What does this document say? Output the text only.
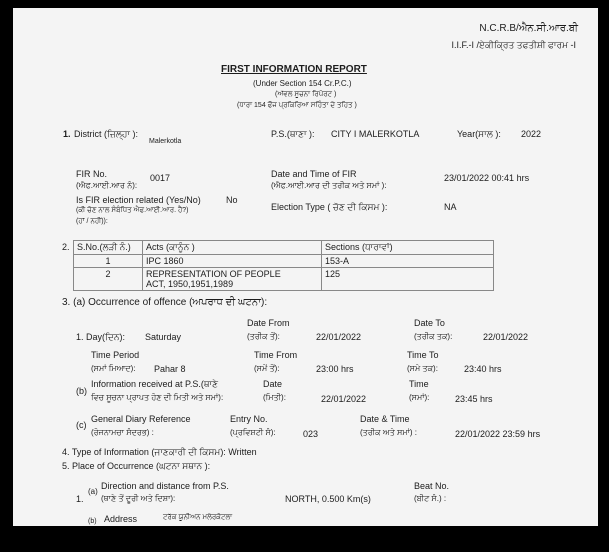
N.C.R.B/ਐਨ.ਸੀ.ਆਰ.ਬੀ
I.I.F.-I /ਏਕੀਕ੍ਰਿਤ ਤਫਤੀਸ਼ੀ ਫਾਰਮ -I
FIRST INFORMATION REPORT
(Under Section 154 Cr.P.C.)
(ਅੱਵਲ ਸੂਚਨਾ ਰਿਪੋਰਟ )
(ਧਾਰਾ 154 ਫੌਜ ਪ੍ਰਕਿਰਿਆ ਸਹਿੰਤਾ ਦੇ ਤਹਿਤ )
1. District (ਜ਼ਿਲ੍ਹਾ ):
Malerkotla
P.S.(ਥਾਣਾ ): CITY I MALERKOTLA	Year(ਸਾਲ ): 2022
FIR No.
(ਐਫ.ਆਈ.ਆਰ ਨੰ):
0017	Date and Time of FIR
(ਐਫ.ਆਈ.ਆਰ ਦੀ ਤਰੀਕ ਅਤੇ ਸਮਾਂ ):
23/01/2022 00:41 hrs
Is FIR election related (Yes/No)	No
(ਕੀ ਚੋਣ ਨਾਲ ਸੰਬੰਧਿਤ ਐਫ.ਆਈ.ਆਰ. ਹੈ?)
(ਹਾਂ / ਨਹੀਂ)):
Election Type ( ਚੋਣ ਦੀ ਕਿਸਮ ):	NA
2. S.No.(ਲੜੀ ਨੰ.)	Acts (ਕਾਨੂੰਨ )	Sections (ਧਾਰਾਵਾਂ)
1	IPC 1860	153-A
2	REPRESENTATION OF PEOPLE
ACT, 1950,1951,1989	125
3. (a) Occurrence of offence (ਅਪਰਾਧ ਦੀ ਘਟਨਾ):
Date From
(ਤਰੀਕ ਤੋਂ):	22/01/2022
Date To
(ਤਰੀਕ ਤਕ):	22/01/2022
1. Day(ਦਿਨ): Saturday
Time Period
(ਸਮਾਂ ਮਿਆਦ): Pahar 8
Time From
(ਸਮੇਂ ਤੋਂ):	23:00 hrs
Time To
(ਸਮੇ ਤਕ):	23:40 hrs
(b)
Information received at P.S.(ਥਾਣੇ
ਵਿਚ ਸੂਚਨਾ ਪ੍ਰਾਪਤ ਹੋਣ ਦੀ ਮਿਤੀ ਅਤੇ ਸਮਾਂ):
Date
(ਮਿਤੀ):	22/01/2022
Time
(ਸਮਾਂ):	23:45 hrs
(c)
General Diary Reference
(ਰੋਜਨਾਮਚਾ ਸੰਦਰਭ) :
Entry No.
(ਪ੍ਰਵਿਸ਼ਟੀ ਸੰ):	023
Date & Time
(ਤਰੀਕ ਅਤੇ ਸਮਾਂ) :	22/01/2022 23:59 hrs
4. Type of Information (ਜਾਣਕਾਰੀ ਦੀ ਕਿਸਮ): Written
5. Place of Occurrence (ਘਟਨਾ ਸਥਾਨ ):
1.
(a)
Direction and distance from P.S.
(ਥਾਣੇ ਤੋਂ ਦੂਰੀ ਅਤੇ ਦਿਸ਼ਾ):	NORTH, 0.500 Km(s)
Beat No.
(ਬੀਟ ਸੰ.) :
(b) Address	ਟਰੱਕ ਯੂਨੀਅਨ ਮਲੇਰਕੋਟਲਾ
